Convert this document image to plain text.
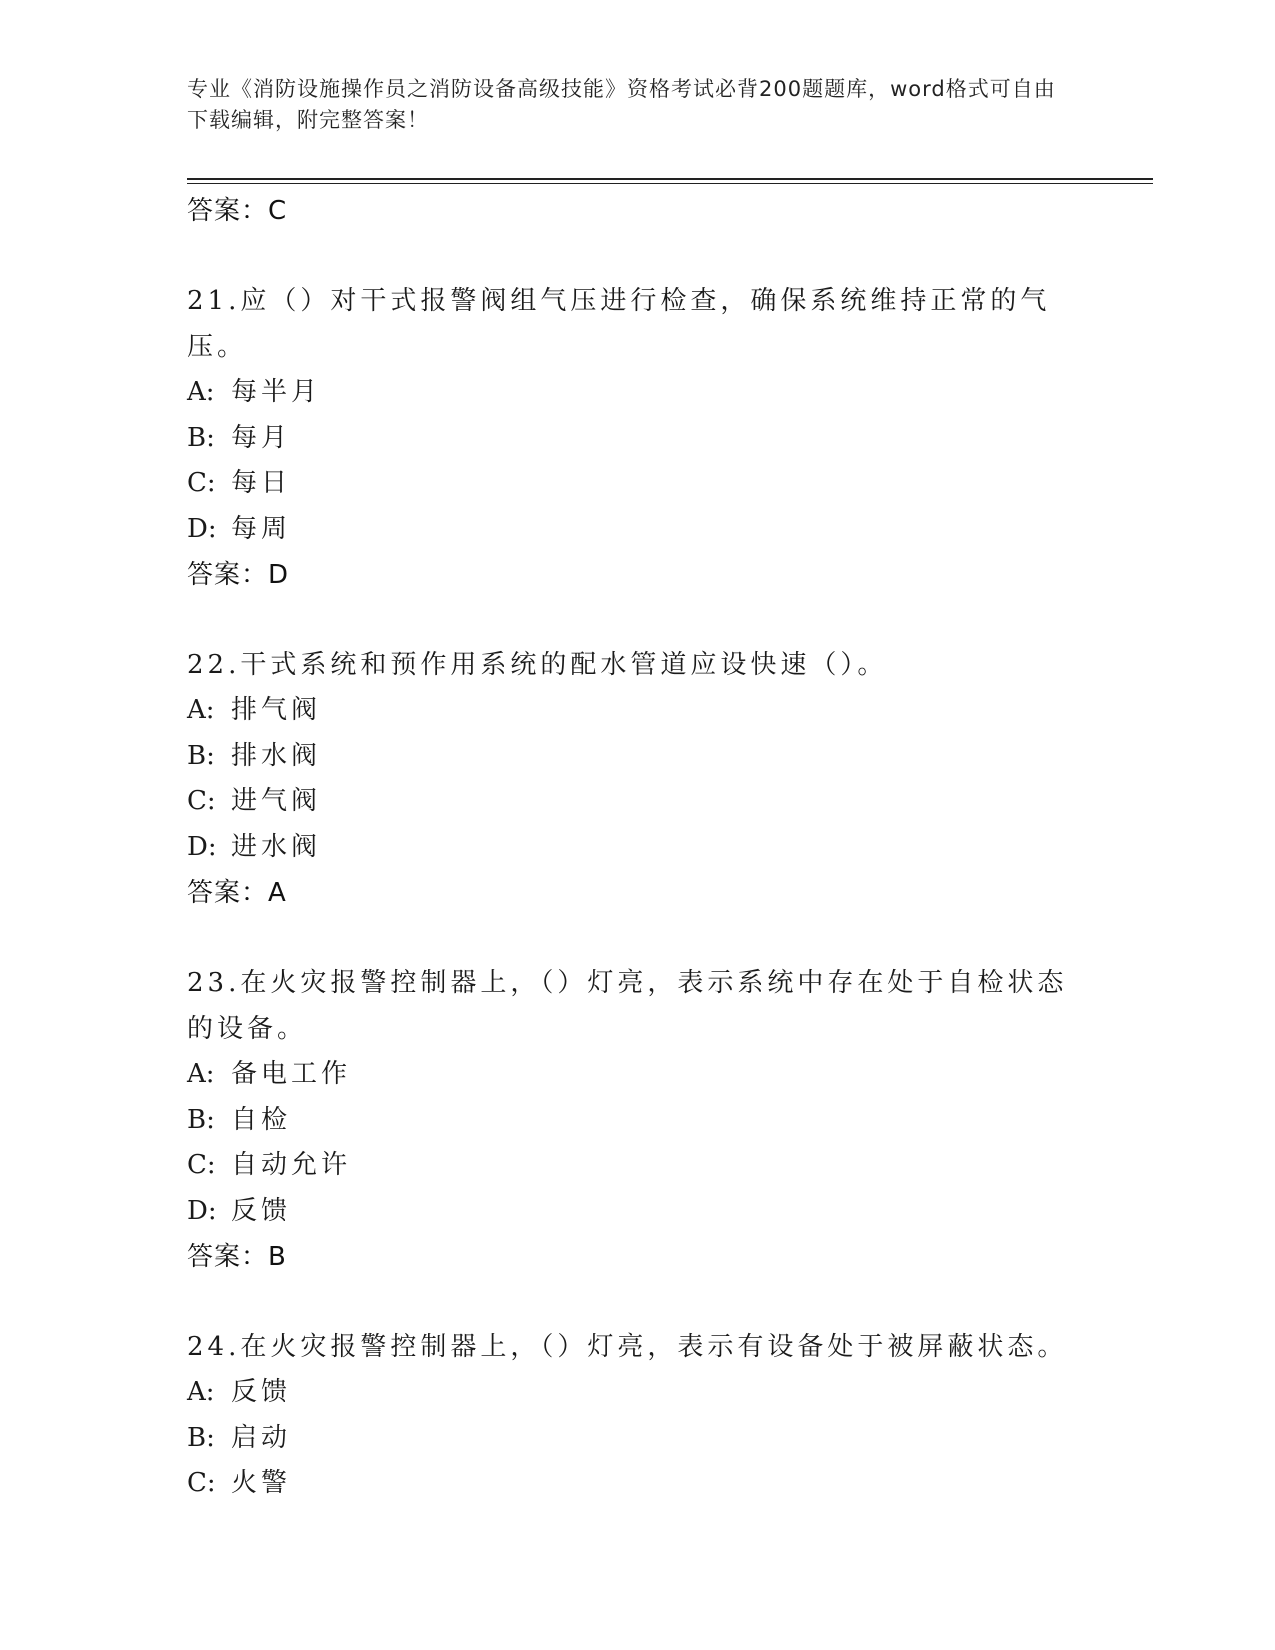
专业《消防设施操作员之消防设备高级技能》资格考试必背200题题库，word格式可自由下载编辑，附完整答案！
答案：C
21.应（）对干式报警阀组气压进行检查，确保系统维持正常的气压。
A: 每半月
B: 每月
C: 每日
D: 每周
答案：D
22.干式系统和预作用系统的配水管道应设快速（）。
A: 排气阀
B: 排水阀
C: 进气阀
D: 进水阀
答案：A
23.在火灾报警控制器上，（）灯亮，表示系统中存在处于自检状态的设备。
A: 备电工作
B: 自检
C: 自动允许
D: 反馈
答案：B
24.在火灾报警控制器上，（）灯亮，表示有设备处于被屏蔽状态。
A: 反馈
B: 启动
C: 火警
